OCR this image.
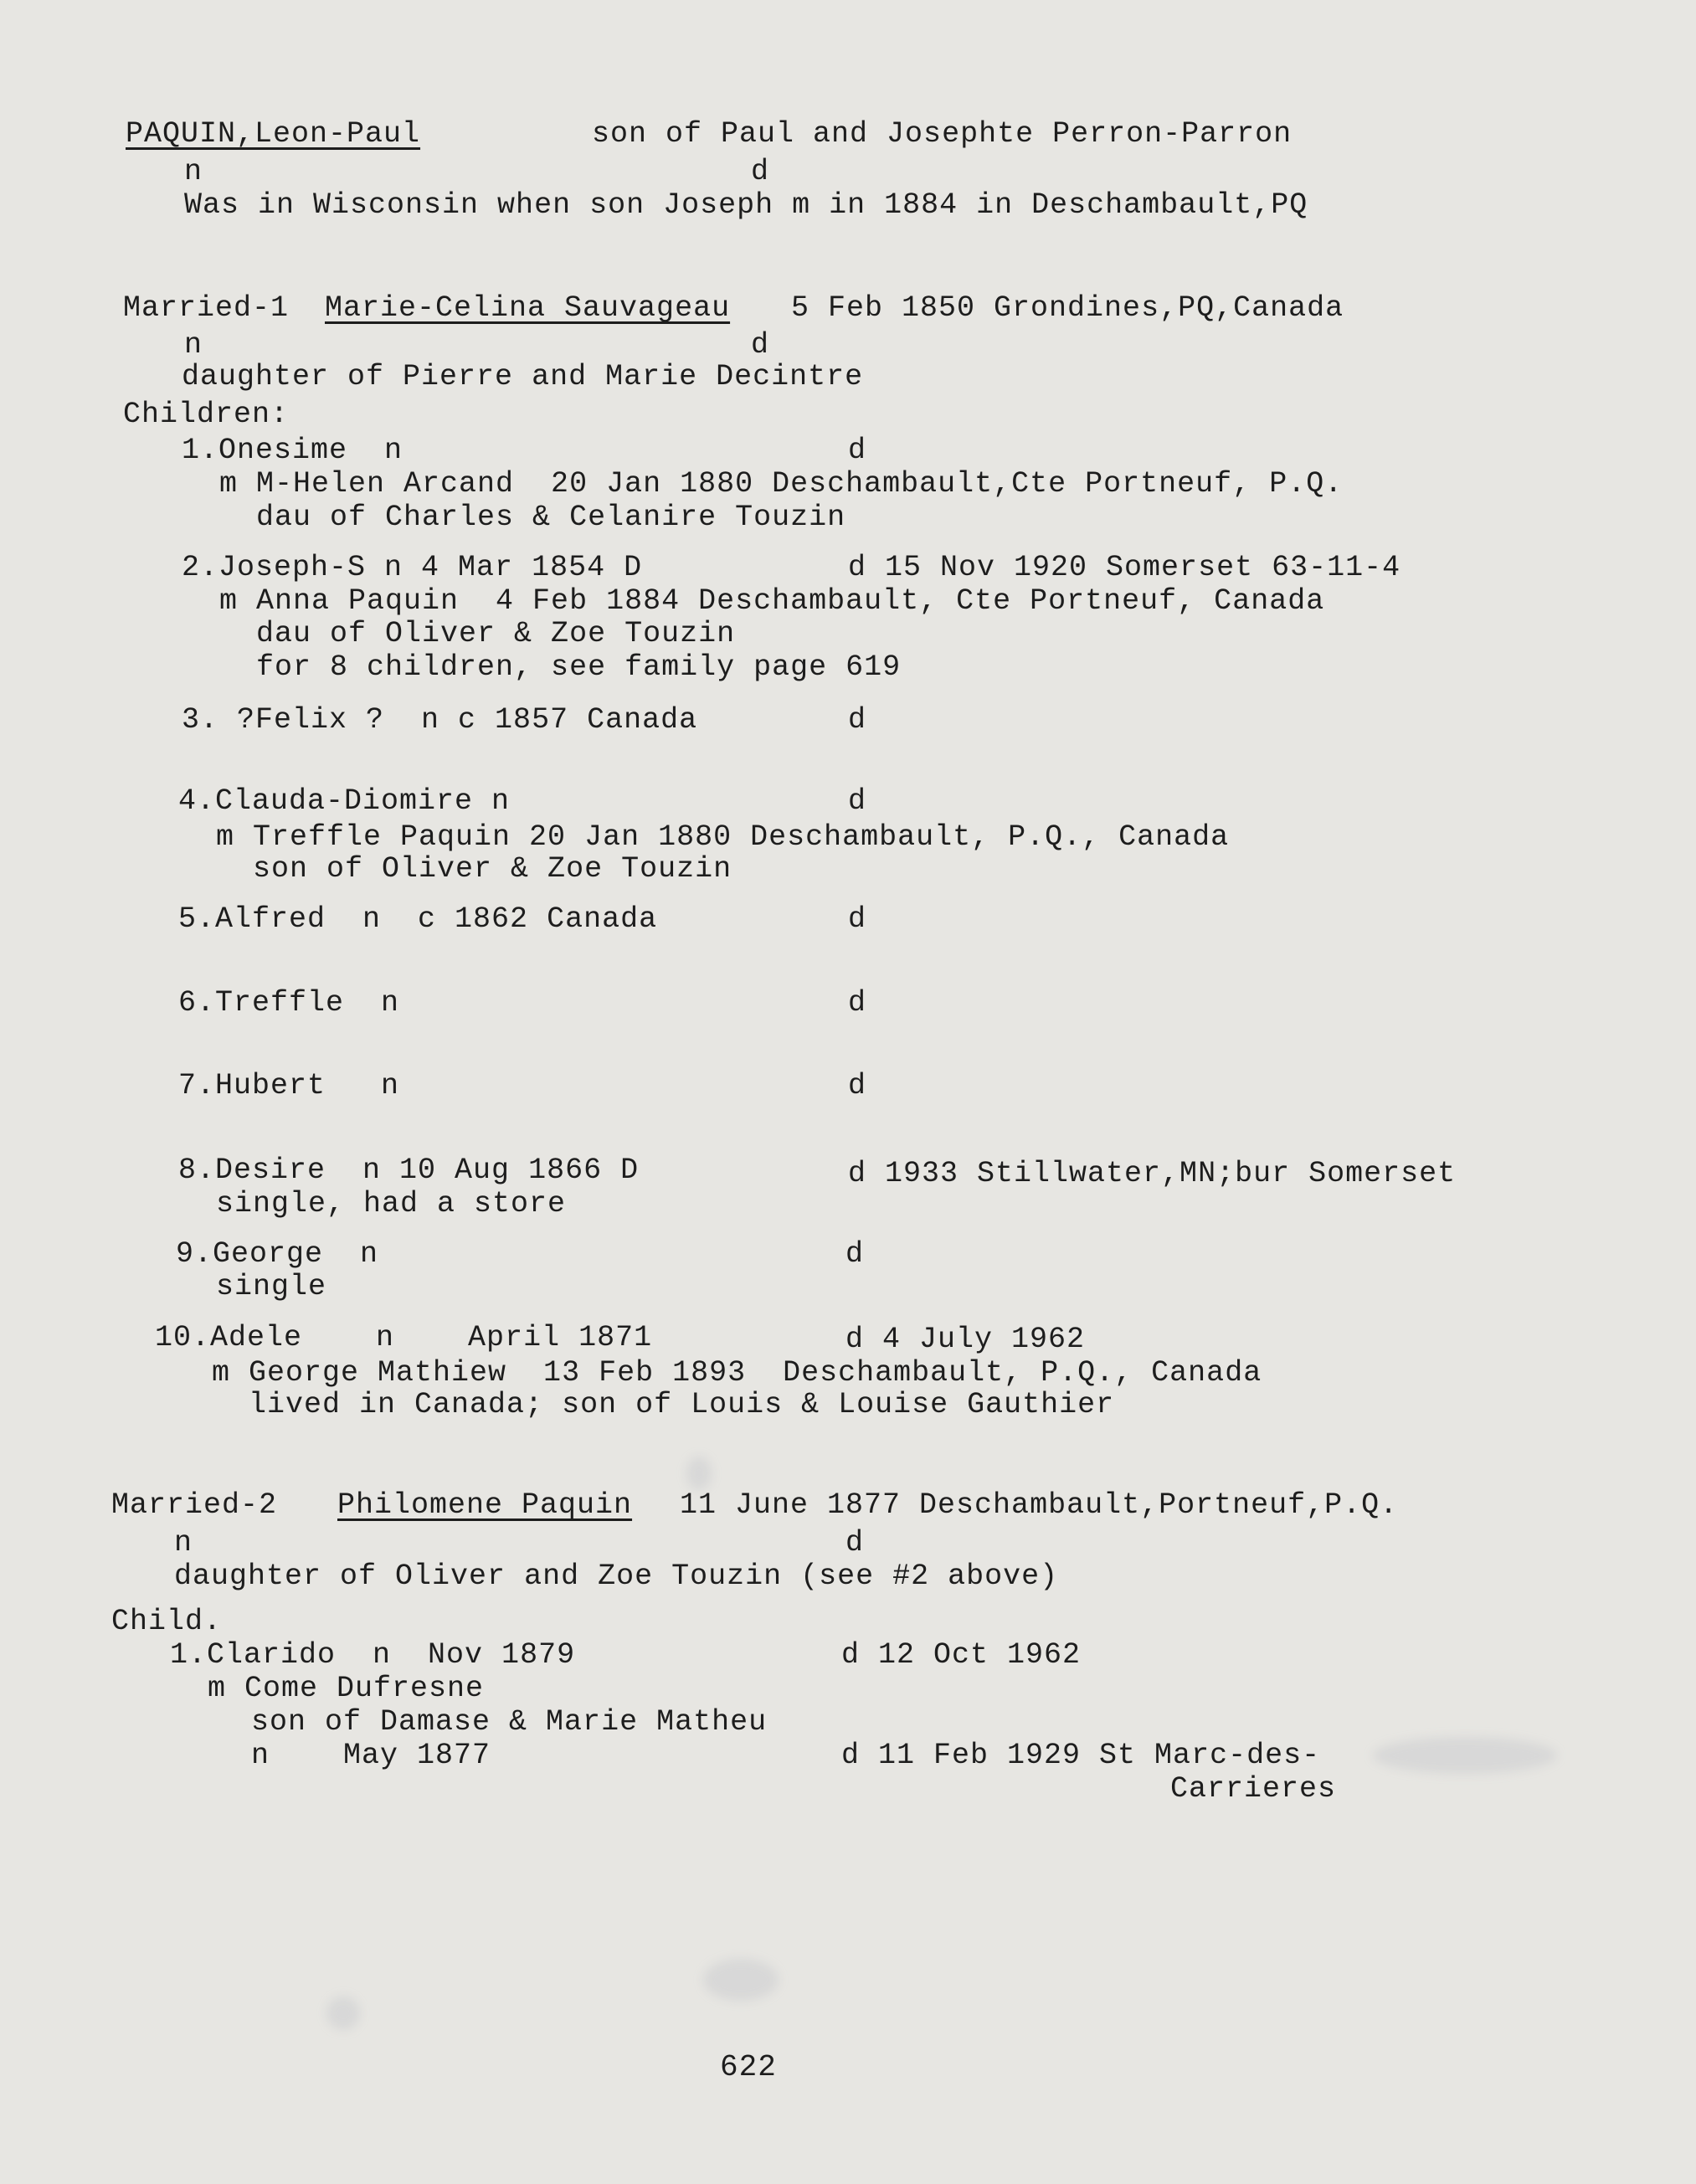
PAQUIN,Leon-Paul	son of Paul and Josephte Perron-Parron
n	d
Was in Wisconsin when son Joseph m in 1884 in Deschambault,PQ
Married-1 Marie-Celina Sauvageau 5 Feb 1850 Grondines,PQ,Canada
n	d
daughter of Pierre and Marie Decintre
Children:
1.Onesime  n	d
m M-Helen Arcand  20 Jan 1880 Deschambault,Cte Portneuf, P.Q.
dau of Charles & Celanire Touzin
2.Joseph-S n 4 Mar 1854 D	d 15 Nov 1920 Somerset 63-11-4
m Anna Paquin  4 Feb 1884 Deschambault, Cte Portneuf, Canada
dau of Oliver & Zoe Touzin
for 8 children, see family page 619
3. ?Felix ?  n c 1857 Canada	d
4.Clauda-Diomire n	d
m Treffle Paquin 20 Jan 1880 Deschambault, P.Q., Canada
son of Oliver & Zoe Touzin
5.Alfred  n  c 1862 Canada	d
6.Treffle  n	d
7.Hubert   n	d
8.Desire  n 10 Aug 1866 D	d 1933 Stillwater,MN;bur Somerset
single, had a store
9.George  n	d
single
10.Adele    n    April 1871	d 4 July 1962
m George Mathiew  13 Feb 1893  Deschambault, P.Q., Canada
lived in Canada; son of Louis & Louise Gauthier
Married-2 Philomene Paquin 11 June 1877 Deschambault,Portneuf,P.Q.
n	d
daughter of Oliver and Zoe Touzin (see #2 above)
Child.
1.Clarido  n  Nov 1879	d 12 Oct 1962
m Come Dufresne
son of Damase & Marie Matheu
n    May 1877	d 11 Feb 1929 St Marc-des-
Carrieres
622
